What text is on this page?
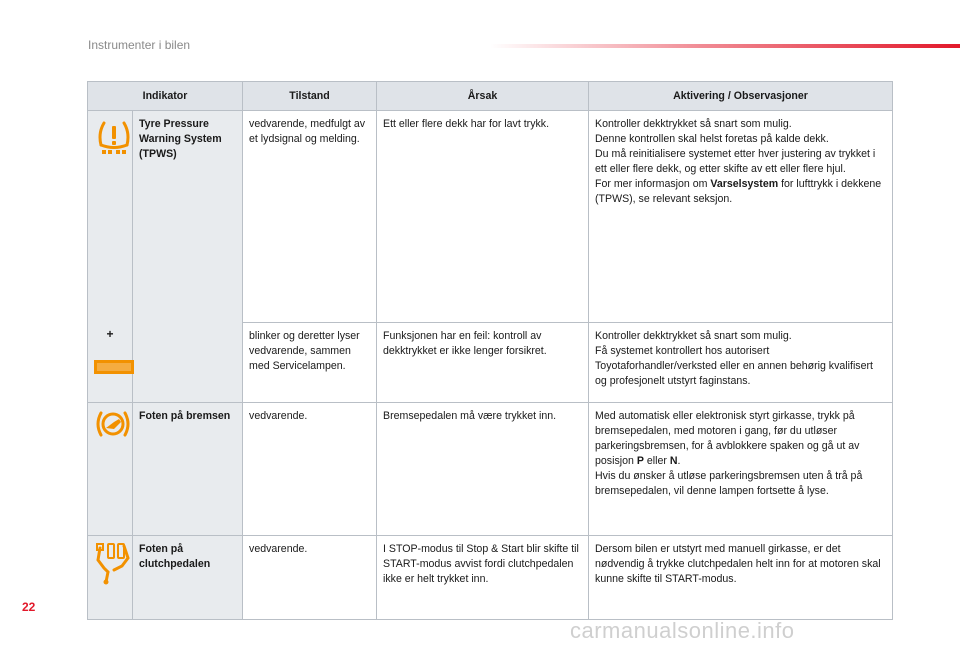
Instrumenter i bilen
Indikator		Tilstand	Årsak	Aktivering / Observasjoner

+	Tyre Pressure Warning System (TPWS)	vedvarende, medfulgt av et lydsignal og melding.	Ett eller flere dekk har for lavt trykk.	Kontroller dekktrykket så snart som mulig.
Denne kontrollen skal helst foretas på kalde dekk.
Du må reinitialisere systemet etter hver justering av trykket i ett eller flere dekk, og etter skifte av ett eller flere hjul.
For mer informasjon om Varselsystem for lufttrykk i dekkene (TPWS), se relevant seksjon.

		blinker og deretter lyser vedvarende, sammen med Servicelampen.	Funksjonen har en feil: kontroll av dekktrykket er ikke lenger forsikret.	Kontroller dekktrykket så snart som mulig.
Få systemet kontrollert hos autorisert Toyotaforhandler/verksted eller en annen behørig kvalifisert og profesjonelt utstyrt faginstans.

	Foten på bremsen	vedvarende.	Bremsepedalen må være trykket inn.	Med automatisk eller elektronisk styrt girkasse, trykk på bremsepedalen, med motoren i gang, før du utløser parkeringsbremsen, for å avblokkere spaken og gå ut av posisjon P eller N.
Hvis du ønsker å utløse parkeringsbremsen uten å trå på bremsepedalen, vil denne lampen fortsette å lyse.

	Foten på clutchpedalen	vedvarende.	I STOP-modus til Stop & Start blir skifte til START-modus avvist fordi clutchpedalen ikke er helt trykket inn.	Dersom bilen er utstyrt med manuell girkasse, er det nødvendig å trykke clutchpedalen helt inn for at motoren skal kunne skifte til START-modus.
22
carmanualsonline.info
